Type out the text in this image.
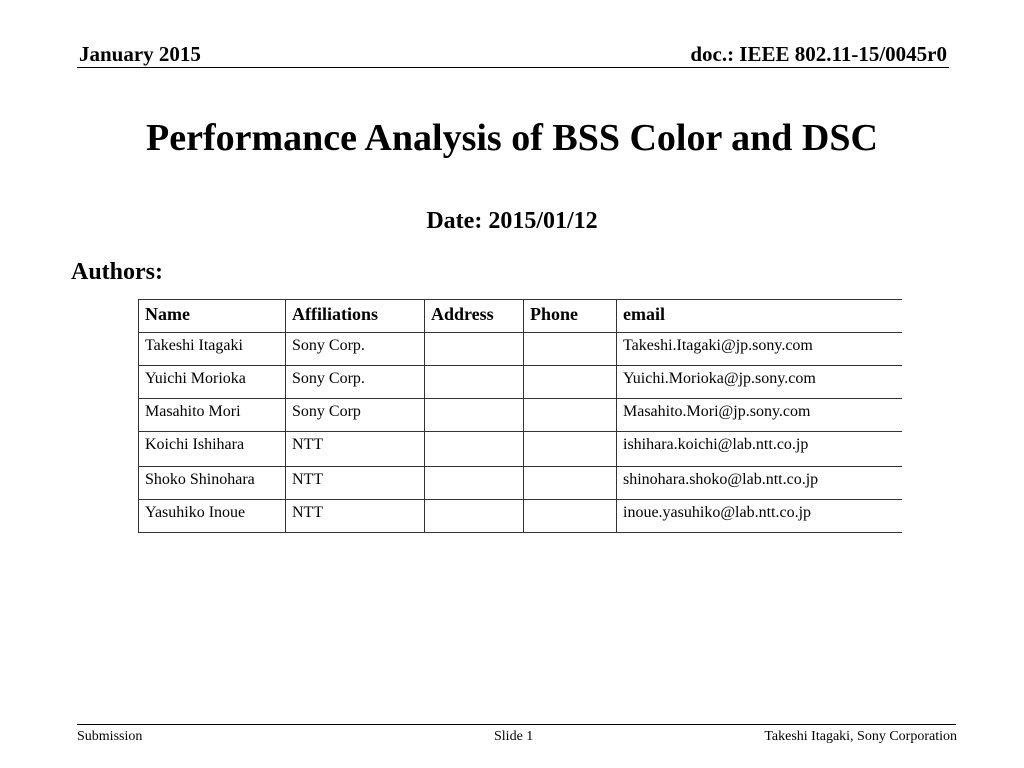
January 2015	doc.: IEEE 802.11-15/0045r0
Performance Analysis of BSS Color and DSC
Date: 2015/01/12
Authors:
Name	Affiliations	Address	Phone	email
Takeshi Itagaki	Sony Corp.			Takeshi.Itagaki@jp.sony.com
Yuichi Morioka	Sony Corp.			Yuichi.Morioka@jp.sony.com
Masahito Mori	Sony Corp			Masahito.Mori@jp.sony.com
Koichi Ishihara	NTT			ishihara.koichi@lab.ntt.co.jp
Shoko Shinohara	NTT			shinohara.shoko@lab.ntt.co.jp
Yasuhiko Inoue	NTT			inoue.yasuhiko@lab.ntt.co.jp
Submission	Slide 1	Takeshi Itagaki, Sony Corporation
